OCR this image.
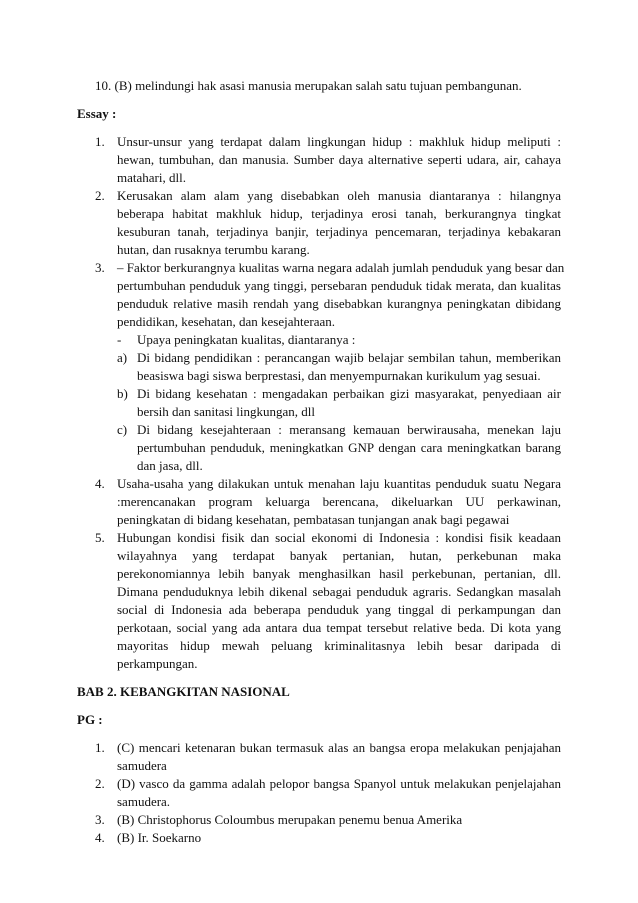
10. (B) melindungi hak asasi manusia merupakan salah satu tujuan pembangunan.
Essay :
1. Unsur-unsur yang terdapat dalam lingkungan hidup : makhluk hidup meliputi :
hewan, tumbuhan, dan manusia. Sumber daya alternative seperti udara, air, cahaya
matahari, dll.
2. Kerusakan alam alam yang disebabkan oleh manusia diantaranya : hilangnya
beberapa habitat makhluk hidup, terjadinya erosi tanah, berkurangnya tingkat
kesuburan tanah, terjadinya banjir, terjadinya pencemaran, terjadinya kebakaran
hutan, dan rusaknya terumbu karang.
3. – Faktor berkurangnya kualitas warna negara adalah jumlah penduduk yang besar dan
pertumbuhan penduduk yang tinggi, persebaran penduduk tidak merata, dan kualitas
penduduk relative masih rendah yang disebabkan kurangnya peningkatan dibidang
pendidikan, kesehatan, dan kesejahteraan.
-	Upaya peningkatan kualitas, diantaranya :
a) Di bidang pendidikan : perancangan wajib belajar sembilan tahun, memberikan
beasiswa bagi siswa berprestasi, dan menyempurnakan kurikulum yag sesuai.
b) Di bidang kesehatan : mengadakan perbaikan gizi masyarakat, penyediaan air
bersih dan sanitasi lingkungan, dll
c) Di bidang kesejahteraan : meransang kemauan berwirausaha, menekan laju
pertumbuhan penduduk, meningkatkan GNP dengan cara meningkatkan barang
dan jasa, dll.
4. Usaha-usaha yang dilakukan untuk menahan laju kuantitas penduduk suatu Negara
:merencanakan program keluarga berencana, dikeluarkan UU perkawinan,
peningkatan di bidang kesehatan, pembatasan tunjangan anak bagi pegawai
5. Hubungan kondisi fisik dan social ekonomi di Indonesia : kondisi fisik keadaan
wilayahnya yang terdapat banyak pertanian, hutan, perkebunan maka
perekonomiannya lebih banyak menghasilkan hasil perkebunan, pertanian, dll.
Dimana penduduknya lebih dikenal sebagai penduduk agraris. Sedangkan masalah
social di Indonesia ada beberapa penduduk yang tinggal di perkampungan dan
perkotaan, social yang ada antara dua tempat tersebut relative beda. Di kota yang
mayoritas hidup mewah peluang kriminalitasnya lebih besar daripada di
perkampungan.
BAB 2. KEBANGKITAN NASIONAL
PG :
1. (C) mencari ketenaran bukan termasuk alas an bangsa eropa melakukan penjajahan
samudera
2. (D) vasco da gamma adalah pelopor bangsa Spanyol untuk melakukan penjelajahan
samudera.
3. (B) Christophorus Coloumbus merupakan penemu benua Amerika
4. (B) Ir. Soekarno
